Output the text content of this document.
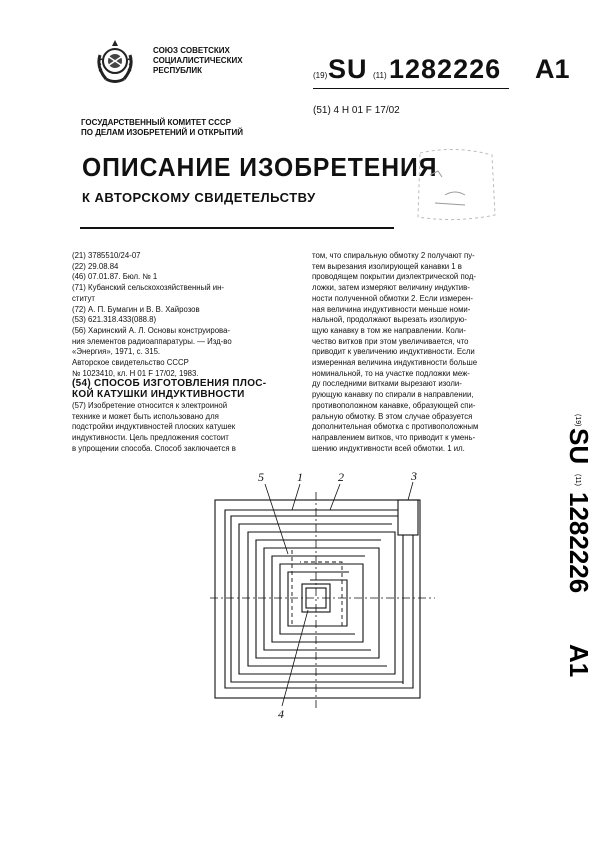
СОЮЗ СОВЕТСКИХ
СОЦИАЛИСТИЧЕСКИХ
РЕСПУБЛИК
(19) SU (11) 1282226 A1
(51) 4 H 01 F 17/02
ГОСУДАРСТВЕННЫЙ КОМИТЕТ СССР
ПО ДЕЛАМ ИЗОБРЕТЕНИЙ И ОТКРЫТИЙ
ОПИСАНИЕ ИЗОБРЕТЕНИЯ
К АВТОРСКОМУ СВИДЕТЕЛЬСТВУ
(21) 3785510/24-07
(22) 29.08.84
(46) 07.01.87. Бюл. № 1
(71) Кубанский сельскохозяйственный ин-
ститут
(72) А. П. Бумагин и В. В. Хайрозов
(53) 621.318.433(088.8)
(56) Харинский А. Л. Основы конструирова-
ния элементов радиоаппаратуры. — Изд-во
«Энергия», 1971, с. 315.
Авторское свидетельство СССР
№ 1023410, кл. Н 01 F 17/02, 1983.
(54) СПОСОБ ИЗГОТОВЛЕНИЯ ПЛОС-
КОЙ КАТУШКИ ИНДУКТИВНОСТИ
(57) Изобретение относится к электроиной
технике и может быть использовано для
подстройки индуктивностей плоских катушек
индуктивности. Цель предложения состоит
в упрощении способа. Способ заключается в
том, что спиральную обмотку 2 получают пу-
тем вырезания изолирующей канавки 1 в
проводящем покрытии диэлектрической под-
ложки, затем измеряют величину индуктив-
ности полученной обмотки 2. Если измерен-
ная величина индуктивности меньше номи-
нальной, продолжают вырезать изолирую-
щую канавку в том же направлении. Коли-
чество витков при этом увеличивается, что
приводит к увеличению индуктивности. Если
измеренная величина индуктивности больше
номинальной, то на участке подложки меж-
ду последними витками вырезают изоли-
рующую канавку по спирали в направлении,
противоположном канавке, образующей спи-
ральную обмотку. В этом случае образуется
дополнительная обмотка с противоположным
направлением витков, что приводит к умень-
шению индуктивности всей обмотки. 1 ил.
(19)
SU
(11)
1282226
A1
1	2	3
4
5
